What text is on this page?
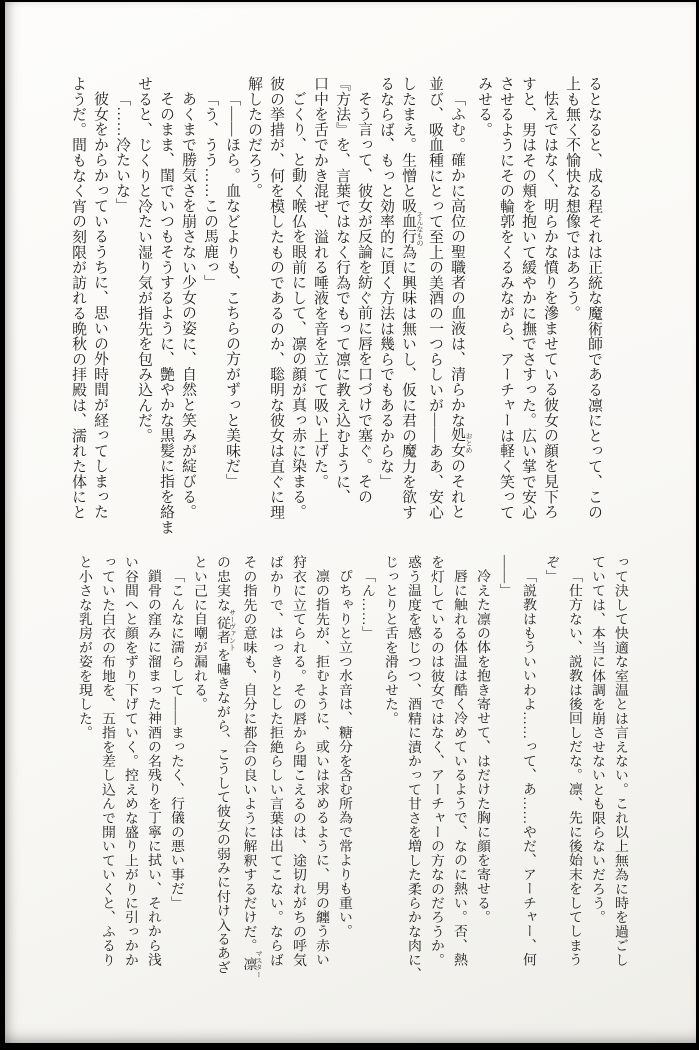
るとなると、成る程それは正統な魔術師である凛にとって、この

上も無く不愉快な想像ではあろう。

怯えではなく、明らかな憤りを滲ませている彼女の顔を見下ろ

すと、男はその頬を抱いて緩やかに撫でさすった。広い掌で安心

させるようにその輪郭をくるみながら、アーチャーは軽く笑って

みせる。

「ふむ。確かに高位の聖職者の血液は、清らかな処女 おとめのそれと

並び、吸血種にとって至上の美酒の一つらしいが――ああ、安心

したまえ。生憎と吸血行為 そんなものに興味は無いし、仮に君の魔力を欲す

るならば、もっと効率的に頂く方法は幾らでもあるからな」

そう言って、彼女が反論を紡ぐ前に唇を口づけで塞ぐ。その

『方法』を、言葉ではなく行為でもって凛に教え込むように、

口中を舌でかき混ぜ、溢れる唾液を音を立てて吸い上げた。

ごくり、と動く喉仏を眼前にして、凛の顔が真っ赤に染まる。

彼の挙措が、何を模したものであるのか、聡明な彼女は直ぐに理

解したのだろう。

「――ほら。血などよりも、こちらの方がずっと美味だ」

「う、うう……この馬鹿っ」

あくまで勝気さを崩さない少女の姿に、自然と笑みが綻びる。

そのまま、閨でいつもそうするように、艶やかな黒髪に指を絡ま

せると、じくりと冷たい湿り気が指先を包み込んだ。

「……冷たいな」

彼女をからかっているうちに、思いの外時間が経ってしまった

ようだ。間もなく宵の刻限が訪れる晩秋の拝殿は、濡れた体にと

って決して快適な室温とは言えない。これ以上無為に時を過ごし

ていては、本当に体調を崩させないとも限らないだろう。

「仕方ない、説教は後回しだな。凛、先に後始末をしてしまう

ぞ」

「説教はもういいわよ……って、あ……やだ、アーチャー、何

――」

冷えた凛の体を抱き寄せて、はだけた胸に顔を寄せる。

唇に触れる体温は酷く冷めているようで、なのに熱い。否、熱

を灯しているのは彼女ではなく、アーチャーの方なのだろうか。

惑う温度を感じつつ、酒精に漬かって甘さを増した柔らかな肉に、

じっとりと舌を滑らせた。

「ん……」

ぴちゃりと立つ水音は、糖分を含む所為で常よりも重い。

凛の指先が、拒むように、或いは求めるように、男の纏う赤い

狩衣に立てられる。その唇から聞こえるのは、途切れがちの呼気

ばかりで、はっきりとした拒絶らしい言葉は出てこない。ならば

その指先の意味も、自分に都合の良いように解釈するだけだ。凛 マスター

の忠実な従者 サーヴァントを嘯きながら、こうして彼女の弱みに付け入るあざ

とい己に自嘲が漏れる。

「こんなに濡らして――まったく、行儀の悪い事だ」

鎖骨の窪みに溜まった神酒の名残りを丁寧に拭い、それから浅

い谷間へと顔をずり下げていく。控えめな盛り上がりに引っかか

っていた白衣の布地を、五指を差し込んで開いていくと、ふるり

と小さな乳房が姿を現した。
